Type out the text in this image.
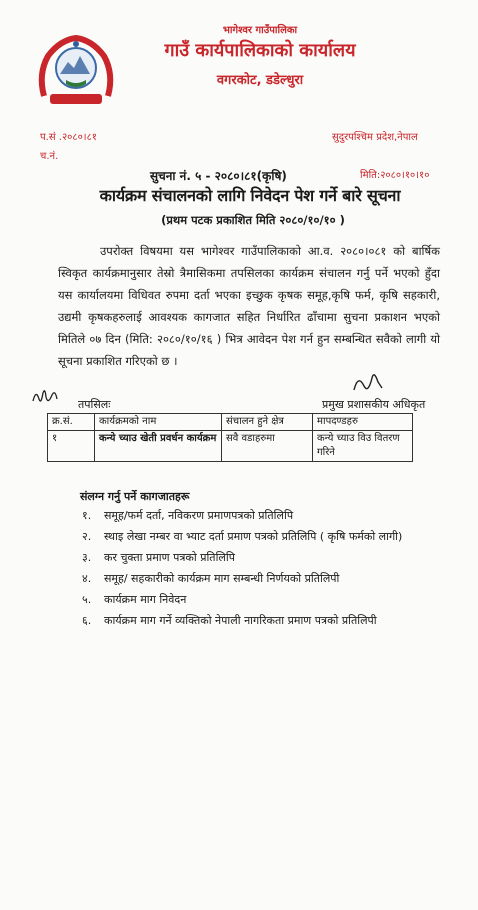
भागेश्वर गाउँपालिका
गाउँ कार्यपालिकाको कार्यालय
वगरकोट, डडेल्धुरा
प.सं .२०८०।८१
च.नं.
सुदुरपश्चिम प्रदेश,नेपाल
सुचना नं. ५ - २०८०।८१(कृषि)	मिति:२०८०।१०।१०
कार्यक्रम संचालनको लागि निवेदन पेश गर्ने बारे सूचना
(प्रथम पटक प्रकाशित मिति २०८०/१०/१० )
उपरोक्त विषयमा यस भागेश्वर गाउँपालिकाको आ.व. २०८०।०८१ को बार्षिक स्विकृत कार्यक्रमानुसार तेस्रो त्रैमासिकमा तपसिलका कार्यक्रम संचालन गर्नु पर्ने भएको हुँदा यस कार्यालयमा विधिवत रुपमा दर्ता भएका इच्छुक कृषक समूह,कृषि फर्म, कृषि सहकारी, उद्यमी कृषकहरुलाई आवश्यक कागजात सहित निर्धारित ढाँचामा सुचना प्रकाशन भएको मितिले ०७ दिन (मिति: २०८०/१०/१६ ) भित्र आवेदन पेश गर्न हुन सम्बन्धित सवैको लागी यो सूचना प्रकाशित गरिएको छ ।
तपसिलः	प्रमुख प्रशासकीय अधिकृत
क्र.सं.	कार्यक्रमको नाम	संचालन हुने क्षेत्र	मापदण्डहरु
१	कन्ये च्याउ खेती प्रवर्धन कार्यक्रम	सवै वडाहरुमा	कन्ये च्याउ विउ वितरण गरिने
संलग्न गर्नु पर्ने कागजातहरू
१. समूह/फर्म दर्ता, नविकरण प्रमाणपत्रको प्रतिलिपि
२. स्थाइ लेखा नम्बर वा भ्याट दर्ता प्रमाण पत्रको प्रतिलिपि ( कृषि फर्मको लागी)
३. कर चुक्ता प्रमाण पत्रको प्रतिलिपि
४. समूह/ सहकारीको कार्यक्रम माग सम्बन्धी निर्णयको प्रतिलिपी
५. कार्यक्रम माग निवेदन
६. कार्यक्रम माग गर्ने व्यक्तिको नेपाली नागरिकता प्रमाण पत्रको प्रतिलिपी
